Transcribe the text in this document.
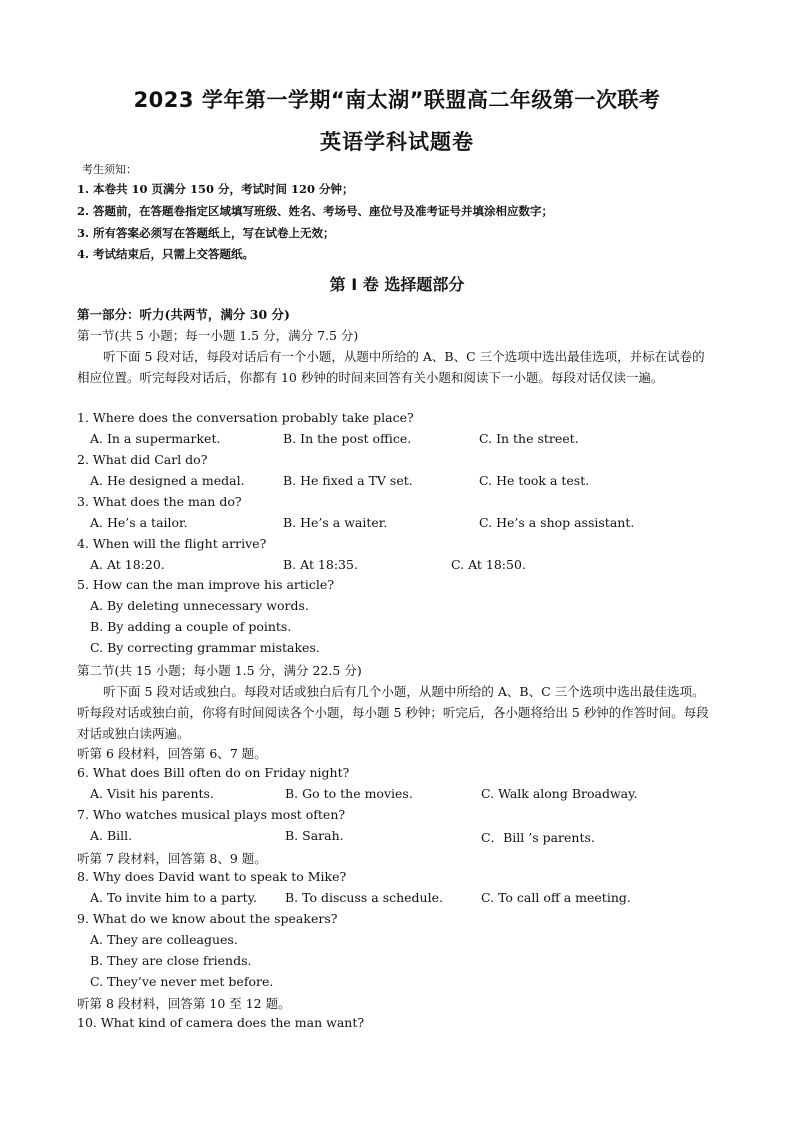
2023 学年第一学期“南太湖”联盟高二年级第一次联考
英语学科试题卷
考生须知：
1. 本卷共 10 页满分 150 分，考试时间 120 分钟；
2. 答题前，在答题卷指定区域填写班级、姓名、考场号、座位号及准考证号并填涂相应数字；
3. 所有答案必须写在答题纸上，写在试卷上无效；
4. 考试结束后，只需上交答题纸。
第 I 卷 选择题部分
第一部分：听力(共两节，满分 30 分)
第一节(共 5 小题；每一小题 1.5 分，满分 7.5 分)
听下面 5 段对话，每段对话后有一个小题，从题中所给的 A、B、C 三个选项中选出最佳选项，并标在试卷的相应位置。听完每段对话后，你都有 10 秒钟的时间来回答有关小题和阅读下一小题。每段对话仅读一遍。
1. Where does the conversation probably take place?
A. In a supermarket.	B. In the post office.	C. In the street.
2. What did Carl do?
A. He designed a medal.	B. He fixed a TV set.	C. He took a test.
3. What does the man do?
A. He’s a tailor.	B. He’s a waiter.	C. He’s a shop assistant.
4. When will the flight arrive?
A. At 18:20.	B. At 18:35.	C. At 18:50.
5. How can the man improve his article?
A. By deleting unnecessary words.
B. By adding a couple of points.
C. By correcting grammar mistakes.
第二节(共 15 小题；每小题 1.5 分，满分 22.5 分)
听下面 5 段对话或独白。每段对话或独白后有几个小题，从题中所给的 A、B、C 三个选项中选出最佳选项。听每段对话或独白前，你将有时间阅读各个小题，每小题 5 秒钟；听完后，各小题将给出 5 秒钟的作答时间。每段对话或独白读两遍。
听第 6 段材料，回答第 6、7 题。
6. What does Bill often do on Friday night?
A. Visit his parents.	B. Go to the movies.	C. Walk along Broadway.
7. Who watches musical plays most often?
A. Bill.	B. Sarah.	C．Bill ’s parents.
听第 7 段材料，回答第 8、9 题。
8. Why does David want to speak to Mike?
A. To invite him to a party. B. To discuss a schedule.	C. To call off a meeting.
9. What do we know about the speakers?
A. They are colleagues.
B. They are close friends.
C. They’ve never met before.
听第 8 段材料，回答第 10 至 12 题。
10. What kind of camera does the man want?
